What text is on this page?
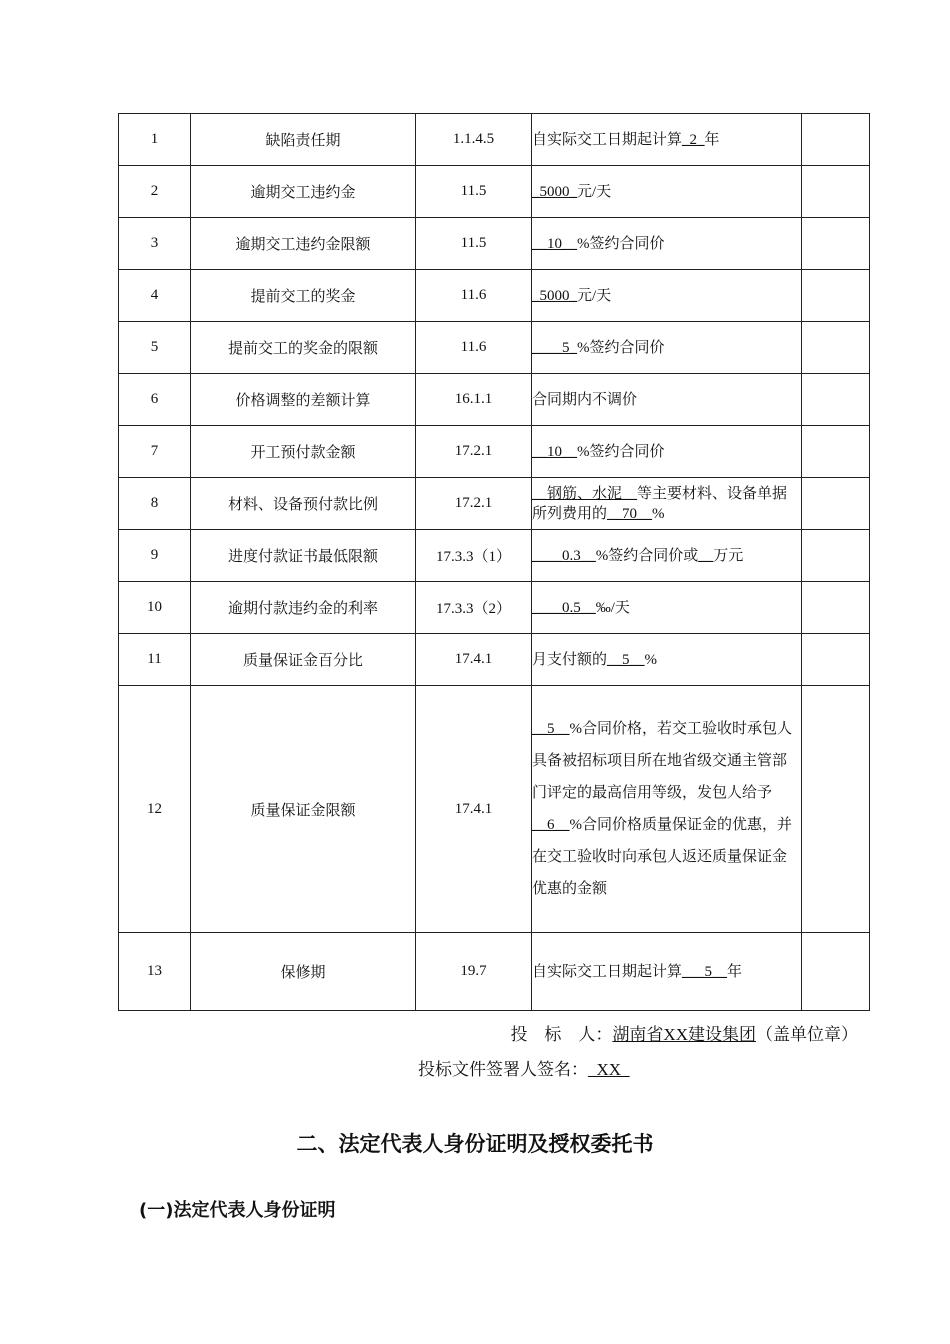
1	缺陷责任期	1.1.4.5	自实际交工日期起计算_2_年	
2	逾期交工违约金	11.5	_5000_元/天	
3	逾期交工违约金限额	11.5	__10__%签约合同价	
4	提前交工的奖金	11.6	_5000_元/天	
5	提前交工的奖金的限额	11.6	____5_%签约合同价	
6	价格调整的差额计算	16.1.1	合同期内不调价	
7	开工预付款金额	17.2.1	__10__%签约合同价	
8	材料、设备预付款比例	17.2.1	__钢筋、水泥__等主要材料、设备单据所列费用的__70__%	
9	进度付款证书最低限额	17.3.3（1）	____0.3__%签约合同价或__万元	
10	逾期付款违约金的利率	17.3.3（2）	____0.5__‰/天	
11	质量保证金百分比	17.4.1	月支付额的__5__%	
12	质量保证金限额	17.4.1	__5__%合同价格，若交工验收时承包人具备被招标项目所在地省级交通主管部门评定的最高信用等级，发包人给予__6__%合同价格质量保证金的优惠，并在交工验收时向承包人返还质量保证金优惠的金额	
13	保修期	19.7	自实际交工日期起计算___5__年	
投　标　人：湖南省XX建设集团（盖单位章）
投标文件签署人签名：_XX_
二、法定代表人身份证明及授权委托书
(一)法定代表人身份证明
